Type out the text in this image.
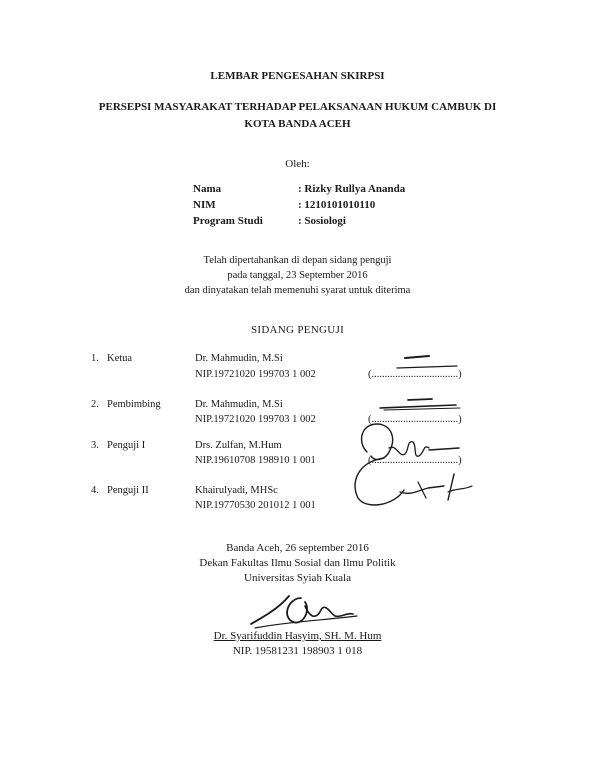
LEMBAR PENGESAHAN SKIRPSI
PERSEPSI MASYARAKAT TERHADAP PELAKSANAAN HUKUM CAMBUK DI
KOTA BANDA ACEH
Oleh:
Nama	: Rizky Rullya Ananda
NIM	: 1210101010110
Program Studi	: Sosiologi
Telah dipertahankan di depan sidang penguji
pada tanggal, 23 September 2016
dan dinyatakan telah memenuhi syarat untuk diterima
SIDANG PENGUJI
1. Ketua	Dr. Mahmudin, M.Si
NIP.19721020 199703 1 002	(.................................)
2. Pembimbing	Dr. Mahmudin, M.Si
NIP.19721020 199703 1 002	(.................................)
3. Penguji I	Drs. Zulfan, M.Hum
NIP.19610708 198910 1 001	(.................................)
4. Penguji II	Khairulyadi, MHSc
NIP.19770530 201012 1 001
Banda Aceh, 26 september 2016
Dekan Fakultas Ilmu Sosial dan Ilmu Politik
Universitas Syiah Kuala
Dr. Syarifuddin Hasyim, SH. M. Hum
NIP. 19581231 198903 1 018
